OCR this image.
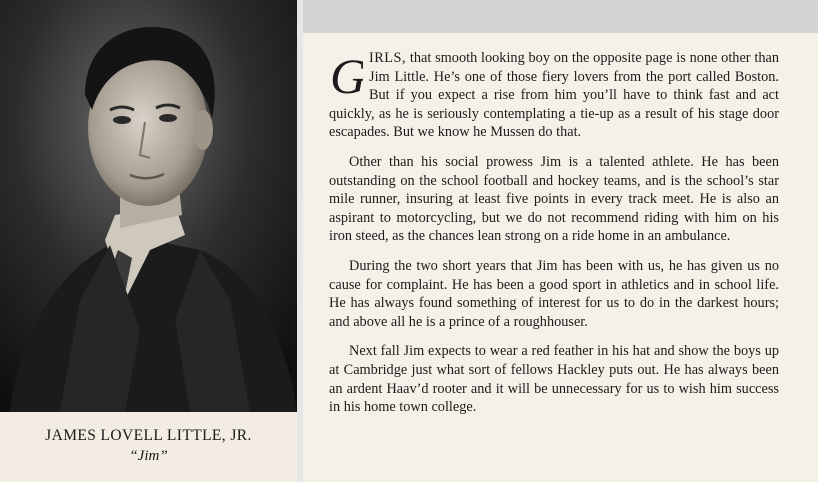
JAMES LOVELL LITTLE, JR.
“Jim”

G IRLS, that smooth looking boy on the opposite page is none other than Jim Little. He’s one of those fiery lovers from the port called Boston. But if you expect a rise from him you’ll have to think fast and act quickly, as he is seriously contemplating a tie-up as a result of his stage door escapades. But we know he Mussen do that.

Other than his social prowess Jim is a talented athlete. He has been outstanding on the school football and hockey teams, and is the school’s star mile runner, insuring at least five points in every track meet. He is also an aspirant to motorcycling, but we do not recommend riding with him on his iron steed, as the chances lean strong on a ride home in an ambulance.

During the two short years that Jim has been with us, he has given us no cause for complaint. He has been a good sport in athletics and in school life. He has always found something of interest for us to do in the darkest hours; and above all he is a prince of a roughhouser.

Next fall Jim expects to wear a red feather in his hat and show the boys up at Cambridge just what sort of fellows Hackley puts out. He has always been an ardent Haav’d rooter and it will be unnecessary for us to wish him success in his home town college.
